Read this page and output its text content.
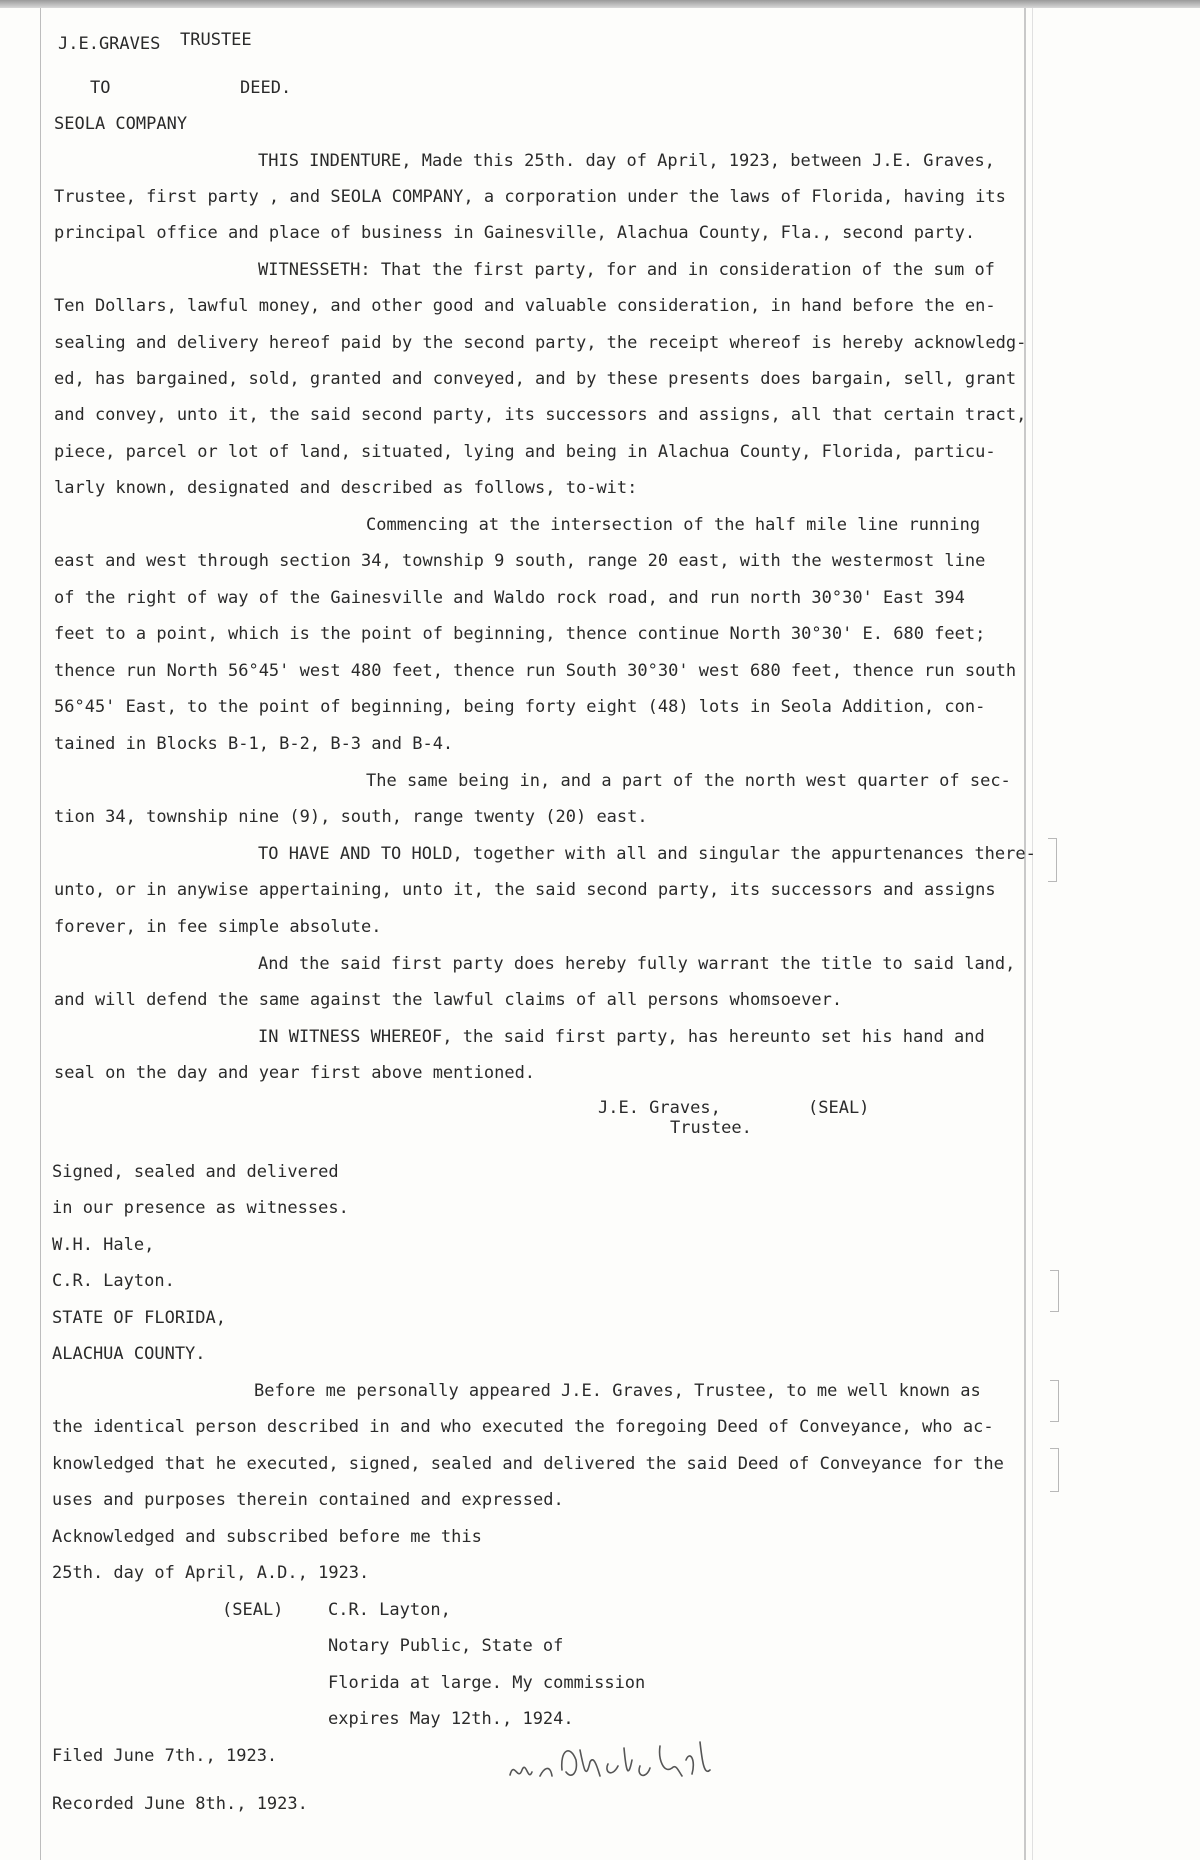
J.E.GRAVES TRUSTEE
TO	DEED.
SEOLA COMPANY
THIS INDENTURE, Made this 25th. day of April, 1923, between J.E. Graves,
Trustee, first party , and SEOLA COMPANY, a corporation under the laws of Florida, having its
principal office and place of business in Gainesville, Alachua County, Fla., second party.
WITNESSETH: That the first party, for and in consideration of the sum of
Ten Dollars, lawful money, and other good and valuable consideration, in hand before the en-
sealing and delivery hereof paid by the second party, the receipt whereof is hereby acknowledg-
ed, has bargained, sold, granted and conveyed, and by these presents does bargain, sell, grant
and convey, unto it, the said second party, its successors and assigns, all that certain tract,
piece, parcel or lot of land, situated, lying and being in Alachua County, Florida, particu-
larly known, designated and described as follows, to-wit:
Commencing at the intersection of the half mile line running
east and west through section 34, township 9 south, range 20 east, with the westermost line
of the right of way of the Gainesville and Waldo rock road, and run north 30°30' East 394
feet to a point, which is the point of beginning, thence continue North 30°30' E. 680 feet;
thence run North 56°45' west 480 feet, thence run South 30°30' west 680 feet, thence run south
56°45' East, to the point of beginning, being forty eight (48) lots in Seola Addition, con-
tained in Blocks B-1, B-2, B-3 and B-4.
The same being in, and a part of the north west quarter of sec-
tion 34, township nine (9), south, range twenty (20) east.
TO HAVE AND TO HOLD, together with all and singular the appurtenances there-
unto, or in anywise appertaining, unto it, the said second party, its successors and assigns
forever, in fee simple absolute.
And the said first party does hereby fully warrant the title to said land,
and will defend the same against the lawful claims of all persons whomsoever.
IN WITNESS WHEREOF, the said first party, has hereunto set his hand and
seal on the day and year first above mentioned.
J.E. Graves,	(SEAL)
Trustee.
Signed, sealed and delivered
in our presence as witnesses.
W.H. Hale,
C.R. Layton.
STATE OF FLORIDA,
ALACHUA COUNTY.
Before me personally appeared J.E. Graves, Trustee, to me well known as
the identical person described in and who executed the foregoing Deed of Conveyance, who ac-
knowledged that he executed, signed, sealed and delivered the said Deed of Conveyance for the
uses and purposes therein contained and expressed.
Acknowledged and subscribed before me this
25th. day of April, A.D., 1923.
(SEAL)	C.R. Layton,
Notary Public, State of
Florida at large. My commission
expires May 12th., 1924.
Filed June 7th., 1923.
Recorded June 8th., 1923.
